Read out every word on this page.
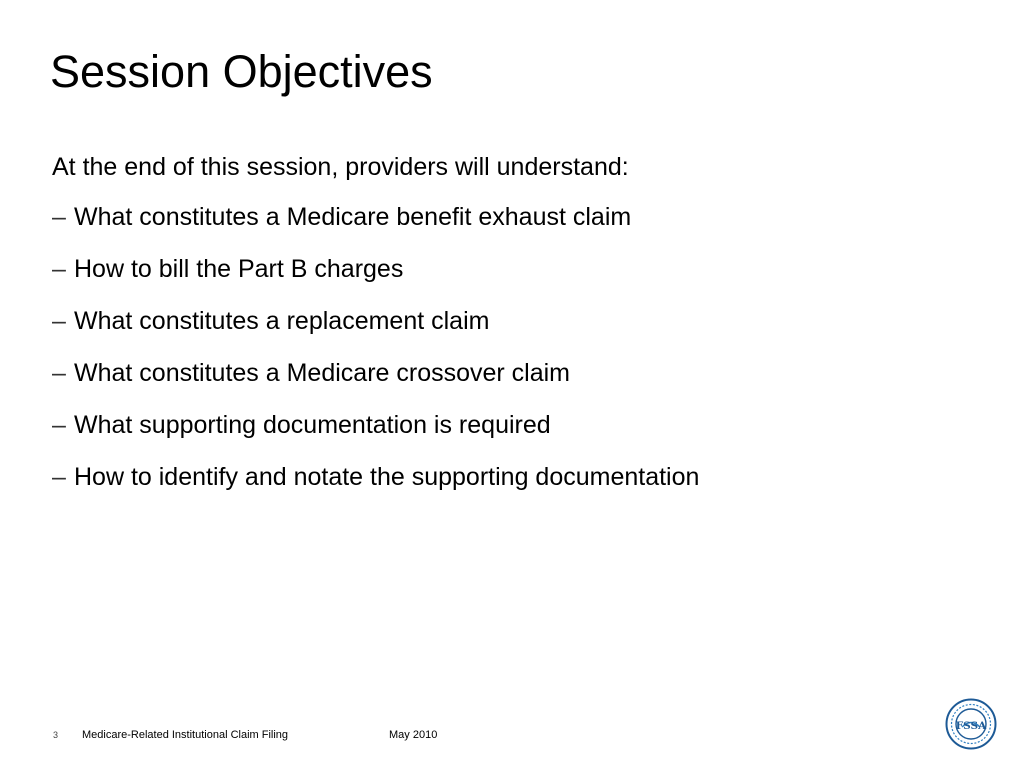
Session Objectives
At the end of this session, providers will understand:
– What constitutes a Medicare benefit exhaust claim
– How to bill the Part B charges
– What constitutes a replacement claim
– What constitutes a Medicare crossover claim
– What supporting documentation is required
– How to identify and notate the supporting documentation
3 Medicare-Related Institutional Claim Filing	May 2010
FSSA
